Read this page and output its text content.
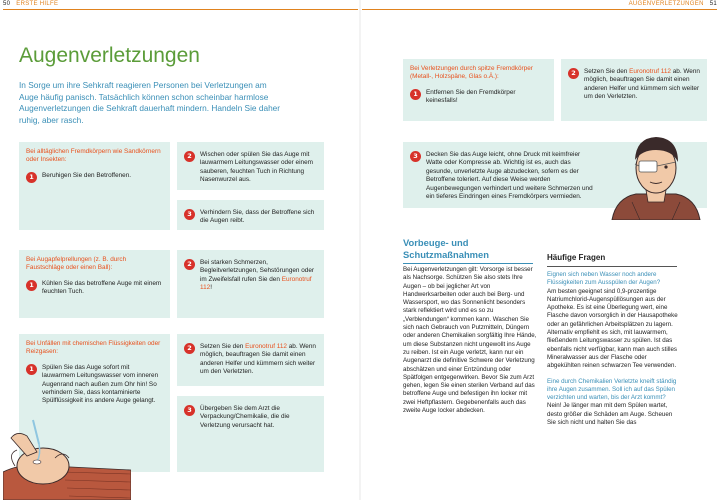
50 ERSTE HILFE	AUGENVERLETZUNGEN 51
Augenverletzungen

In Sorge um ihre Sehkraft reagieren Personen bei Verletzungen am Auge häufig panisch. Tatsächlich können schon scheinbar harmlose Augenverletzungen die Sehkraft dauerhaft mindern. Handeln Sie daher ruhig, aber rasch.

Bei Verletzungen durch spitze Fremdkörper (Metall-, Holzspäne, Glas o.Ä.):
1	Entfernen Sie den Fremdkörper keinesfalls!
2	Setzen Sie den Euronotruf 112 ab. Wenn möglich, beauftragen Sie damit einen anderen Helfer und kümmern sich weiter um den Verletzten.
Bei alltäglichen Fremdkörpern wie Sandkörnern oder Insekten:
1	Beruhigen Sie den Betroffenen.
2	Wischen oder spülen Sie das Auge mit lauwarmem Leitungswasser oder einem sauberen, feuchten Tuch in Richtung Nasenwurzel aus.
3	Verhindern Sie, dass der Betroffene sich die Augen reibt.
3	Decken Sie das Auge leicht, ohne Druck mit keimfreier Watte oder Kompresse ab. Wichtig ist es, auch das gesunde, unverletzte Auge abzudecken, sofern es der Betroffene toleriert. Auf diese Weise werden Augenbewegungen verhindert und weitere Schmerzen und ein tieferes Eindringen eines Fremdkörpers vermieden.
Bei Augapfelprellungen (z. B. durch Faustschläge oder einen Ball):
1	Kühlen Sie das betroffene Auge mit einem feuchten Tuch.
2	Bei starken Schmerzen, Begleitverletzungen, Sehstörungen oder im Zweifelsfall rufen Sie den Euronotruf 112!
Bei Unfällen mit chemischen Flüssigkeiten oder Reizgasen:
1	Spülen Sie das Auge sofort mit lauwarmem Leitungswasser vom inneren Augenrand nach außen zum Ohr hin! So verhindern Sie, dass kontaminierte Spülflüssigkeit ins andere Auge gelangt.
2	Setzen Sie den Euronotruf 112 ab. Wenn möglich, beauftragen Sie damit einen anderen Helfer und kümmern sich weiter um den Verletzten.
3	Übergeben Sie dem Arzt die Verpackung/Chemikalie, die die Verletzung verursacht hat.
Vorbeuge- und Schutzmaßnahmen

Bei Augenverletzungen gilt: Vorsorge ist besser als Nachsorge. Schützen Sie also stets Ihre Augen – ob bei jeglicher Art von Handwerksarbeiten oder auch bei Berg- und Wassersport, wo das Sonnenlicht besonders stark reflektiert wird und es so zu „Verblendungen“ kommen kann. Waschen Sie sich nach Gebrauch von Putzmitteln, Düngern oder anderen Chemikalien sorgfältig Ihre Hände, um diese Substanzen nicht ungewollt ins Auge zu reiben. Ist ein Auge verletzt, kann nur ein Augenarzt die definitive Schwere der Verletzung abschätzen und einer Entzündung oder Spätfolgen entgegenwirken. Bevor Sie zum Arzt gehen, legen Sie einen sterilen Verband auf das betroffene Auge und befestigen ihn locker mit zwei Heftpflastern. Gegebenenfalls auch das zweite Auge locker abdecken.

Häufige Fragen

Eignen sich neben Wasser noch andere Flüssigkeiten zum Ausspülen der Augen?

Am besten geeignet sind 0,9-prozentige Natriumchlorid-Augenspüllösungen aus der Apotheke. Es ist eine Überlegung wert, eine Flasche davon vorsorglich in der Hausapotheke oder an gefährlichen Arbeitsplätzen zu lagern. Alternativ empfiehlt es sich, mit lauwarmem, fließendem Leitungswasser zu spülen. Ist das ebenfalls nicht verfügbar, kann man auch stilles Mineralwasser aus der Flasche oder abgekühlten reinen schwarzen Tee verwenden.

Eine durch Chemikalien Verletzte kneift ständig ihre Augen zusammen. Soll ich auf das Spülen verzichten und warten, bis der Arzt kommt?

Nein! Je länger man mit dem Spülen wartet, desto größer die Schäden am Auge. Scheuen Sie sich nicht und halten Sie das
